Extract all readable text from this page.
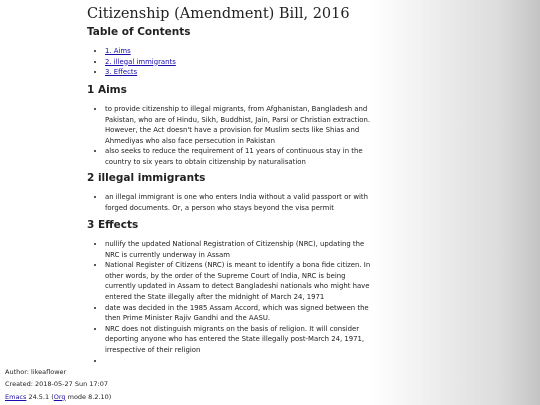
Citizenship (Amendment) Bill, 2016
Table of Contents
• 1. Aims
• 2. illegal immigrants
• 3. Effects
1 Aims
• to provide citizenship to illegal migrants, from Afghanistan, Bangladesh and Pakistan, who are of Hindu, Sikh, Buddhist, Jain, Parsi or Christian extraction. However, the Act doesn't have a provision for Muslim sects like Shias and Ahmediyas who also face persecution in Pakistan
• also seeks to reduce the requirement of 11 years of continuous stay in the country to six years to obtain citizenship by naturalisation
2 illegal immigrants
• an illegal immigrant is one who enters India without a valid passport or with forged documents. Or, a person who stays beyond the visa permit
3 Effects
• nullify the updated National Registration of Citizenship (NRC), updating the NRC is currently underway in Assam
• National Register of Citizens (NRC) is meant to identify a bona fide citizen. In other words, by the order of the Supreme Court of India, NRC is being currently updated in Assam to detect Bangladeshi nationals who might have entered the State illegally after the midnight of March 24, 1971
• date was decided in the 1985 Assam Accord, which was signed between the then Prime Minister Rajiv Gandhi and the AASU.
• NRC does not distinguish migrants on the basis of religion. It will consider deporting anyone who has entered the State illegally post-March 24, 1971, irrespective of their religion
•

Author: likeaflower

Created: 2018-05-27 Sun 17:07

Emacs 24.5.1 (Org mode 8.2.10)
